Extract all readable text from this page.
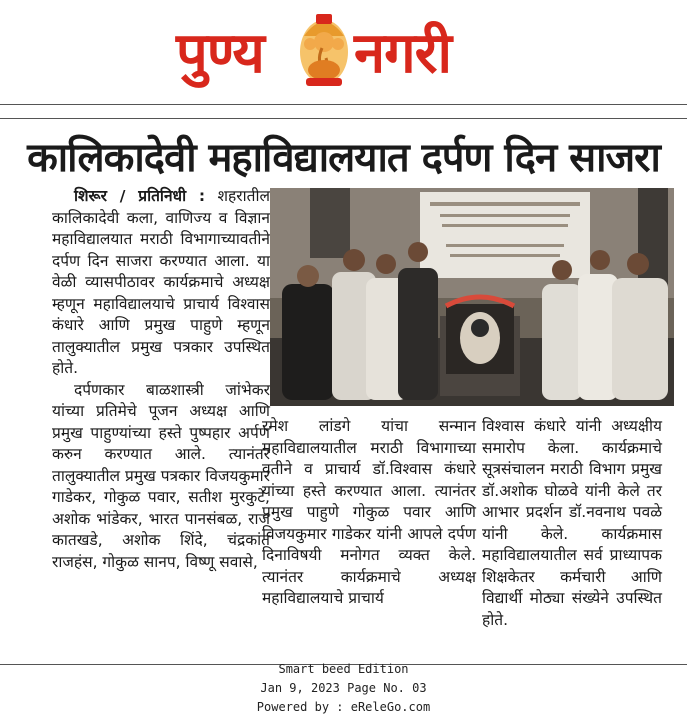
पुण्य नगरी
कालिकादेवी महाविद्यालयात दर्पण दिन साजरा

शिरूर / प्रतिनिधी : शहरातील कालिकादेवी कला, वाणिज्य व विज्ञान महाविद्यालयात मराठी विभागाच्यावतीने दर्पण दिन साजरा करण्यात आला. या वेळी व्यासपीठावर कार्यक्रमाचे अध्यक्ष म्हणून महाविद्यालयाचे प्राचार्य विश्वास कंधारे आणि प्रमुख पाहुणे म्हणून तालुक्यातील प्रमुख पत्रकार उपस्थित होते.

दर्पणकार बाळशास्त्री जांभेकर यांच्या प्रतिमेचे पूजन अध्यक्ष आणि प्रमुख पाहुण्यांच्या हस्ते पुष्पहार अर्पण करुन करण्यात आले. त्यानंतर तालुक्यातील प्रमुख पत्रकार विजयकुमार गाडेकर, गोकुळ पवार, सतीश मुरकुटे, अशोक भांडेकर, भारत पानसंबळ, राज कातखडे, अशोक शिंदे, चंद्रकांत राजहंस, गोकुळ सानप, विष्णू सवासे,

रमेश लांडगे यांचा सन्मान महाविद्यालयातील मराठी विभागाच्या वतीने व प्राचार्य डॉ.विश्वास कंधारे यांच्या हस्ते करण्यात आला. त्यानंतर प्रमुख पाहुणे गोकुळ पवार आणि विजयकुमार गाडेकर यांनी आपले दर्पण दिनाविषयी मनोगत व्यक्त केले. त्यानंतर कार्यक्रमाचे अध्यक्ष महाविद्यालयाचे प्राचार्य

विश्वास कंधारे यांनी अध्यक्षीय समारोप केला. कार्यक्रमाचे सूत्रसंचालन मराठी विभाग प्रमुख डॉ.अशोक घोळवे यांनी केले तर आभार प्रदर्शन डॉ.नवनाथ पवळे यांनी केले. कार्यक्रमास महाविद्यालयातील सर्व प्राध्यापक शिक्षकेतर कर्मचारी आणि विद्यार्थी मोठ्या संख्येने उपस्थित होते.

Smart beed Edition
Jan 9, 2023 Page No. 03
Powered by : eReleGo.com
